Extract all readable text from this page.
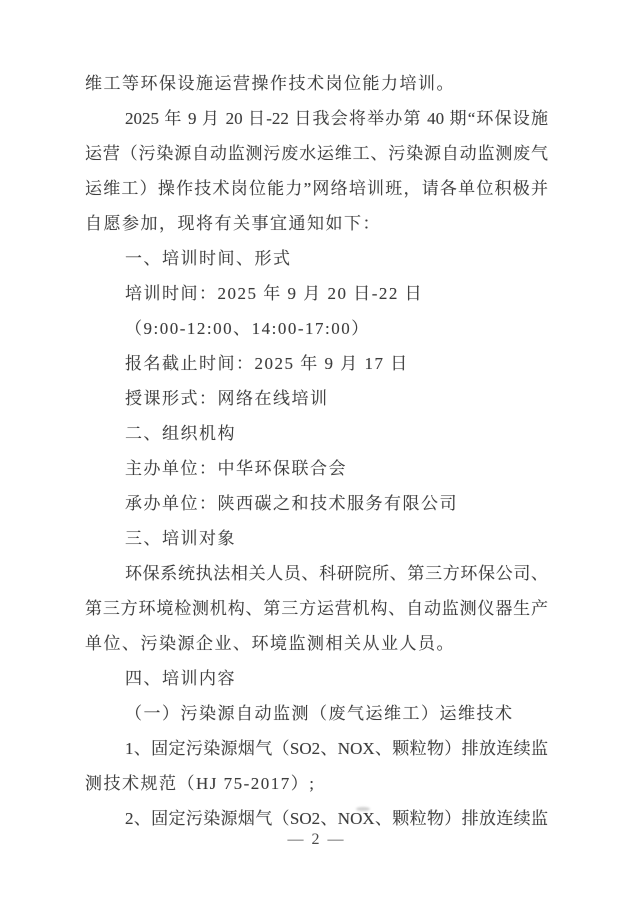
维工等环保设施运营操作技术岗位能力培训。
2025 年 9 月 20 日-22 日我会将举办第 40 期“环保设施
运营（污染源自动监测污废水运维工、污染源自动监测废气
运维工）操作技术岗位能力”网络培训班，请各单位积极并
自愿参加，现将有关事宜通知如下：
一、培训时间、形式
培训时间：2025 年 9 月 20 日-22 日
（9:00-12:00、14:00-17:00）
报名截止时间：2025 年 9 月 17 日
授课形式：网络在线培训
二、组织机构
主办单位：中华环保联合会
承办单位：陕西碳之和技术服务有限公司
三、培训对象
环保系统执法相关人员、科研院所、第三方环保公司、
第三方环境检测机构、第三方运营机构、自动监测仪器生产
单位、污染源企业、环境监测相关从业人员。
四、培训内容
（一）污染源自动监测（废气运维工）运维技术
1、固定污染源烟气（SO2、NOX、颗粒物）排放连续监
测技术规范（HJ 75-2017）;
2、固定污染源烟气（SO2、NOX、颗粒物）排放连续监
— 2 —
